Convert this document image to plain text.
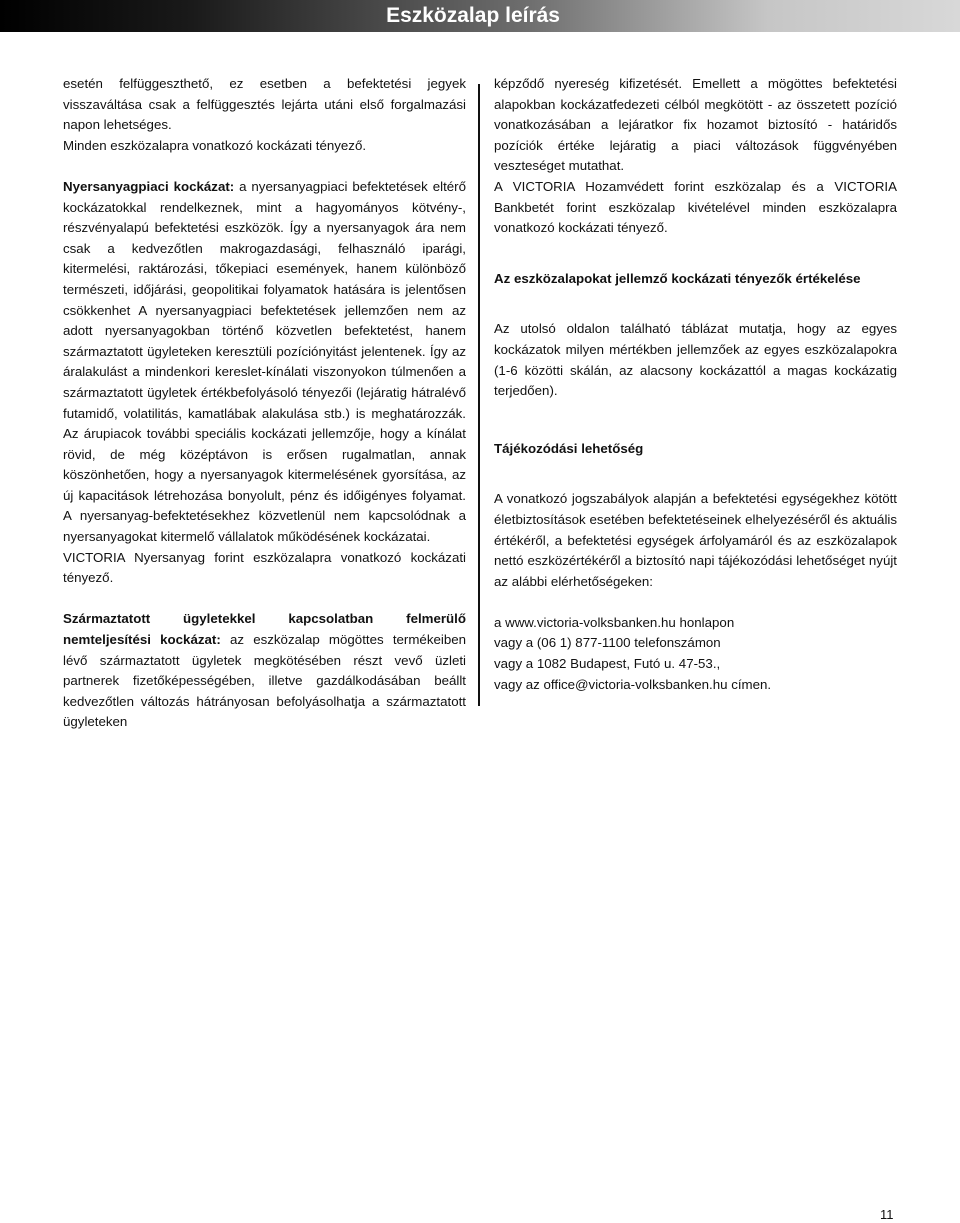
Eszközalap leírás

esetén felfüggeszthető, ez esetben a befektetési jegyek visszaváltása csak a felfüggesztés lejárta utáni első forgalmazási napon lehetséges.

Minden eszközalapra vonatkozó kockázati tényező.

Nyersanyagpiaci kockázat: a nyersanyagpiaci befektetések eltérő kockázatokkal rendelkeznek, mint a hagyományos kötvény-, részvényalapú befektetési eszközök. Így a nyersanyagok ára nem csak a kedvezőtlen makrogazdasági, felhasználó iparági, kitermelési, raktározási, tőkepiaci események, hanem különböző természeti, időjárási, geopolitikai folyamatok hatására is jelentősen csökkenhet A nyersanyagpiaci befektetések jellemzően nem az adott nyersanyagokban történő közvetlen befektetést, hanem származtatott ügyleteken keresztüli pozíciónyitást jelentenek. Így az áralakulást a mindenkori kereslet-kínálati viszonyokon túlmenően a származtatott ügyletek értékbefolyásoló tényezői (lejáratig hátralévő futamidő, volatilitás, kamatlábak alakulása stb.) is meghatározzák. Az árupiacok további speciális kockázati jellemzője, hogy a kínálat rövid, de még középtávon is erősen rugalmatlan, annak köszönhetően, hogy a nyersanyagok kitermelésének gyorsítása, az új kapacitások létrehozása bonyolult, pénz és időigényes folyamat. A nyersanyag-befektetésekhez közvetlenül nem kapcsolódnak a nyersanyagokat kitermelő vállalatok működésének kockázatai.

VICTORIA Nyersanyag forint eszközalapra vonatkozó kockázati tényező.

Származtatott ügyletekkel kapcsolatban felmerülő nemteljesítési kockázat: az eszközalap mögöttes termékeiben lévő származtatott ügyletek megkötésében részt vevő üzleti partnerek fizetőképességében, illetve gazdálkodásában beállt kedvezőtlen változás hátrányosan befolyásolhatja a származtatott ügyleteken

képződő nyereség kifizetését. Emellett a mögöttes befektetési alapokban kockázatfedezeti célból megkötött - az összetett pozíció vonatkozásában a lejáratkor fix hozamot biztosító - határidős pozíciók értéke lejáratig a piaci változások függvényében veszteséget mutathat.

A VICTORIA Hozamvédett forint eszközalap és a VICTORIA Bankbetét forint eszközalap kivételével minden eszközalapra vonatkozó kockázati tényező.

Az eszközalapokat jellemző kockázati tényezők értékelése

Az utolsó oldalon található táblázat mutatja, hogy az egyes kockázatok milyen mértékben jellemzőek az egyes eszközalapokra (1-6 közötti skálán, az alacsony kockázattól a magas kockázatig terjedően).

Tájékozódási lehetőség

A vonatkozó jogszabályok alapján a befektetési egységekhez kötött életbiztosítások esetében befektetéseinek elhelyezéséről és aktuális értékéről, a befektetési egységek árfolyamáról és az eszközalapok nettó eszközértékéről a biztosító napi tájékozódási lehetőséget nyújt az alábbi elérhetőségeken:

a www.victoria-volksbanken.hu honlapon

vagy a (06 1) 877-1100 telefonszámon

vagy a 1082 Budapest, Futó u. 47-53.,

vagy az office@victoria-volksbanken.hu címen.

11
